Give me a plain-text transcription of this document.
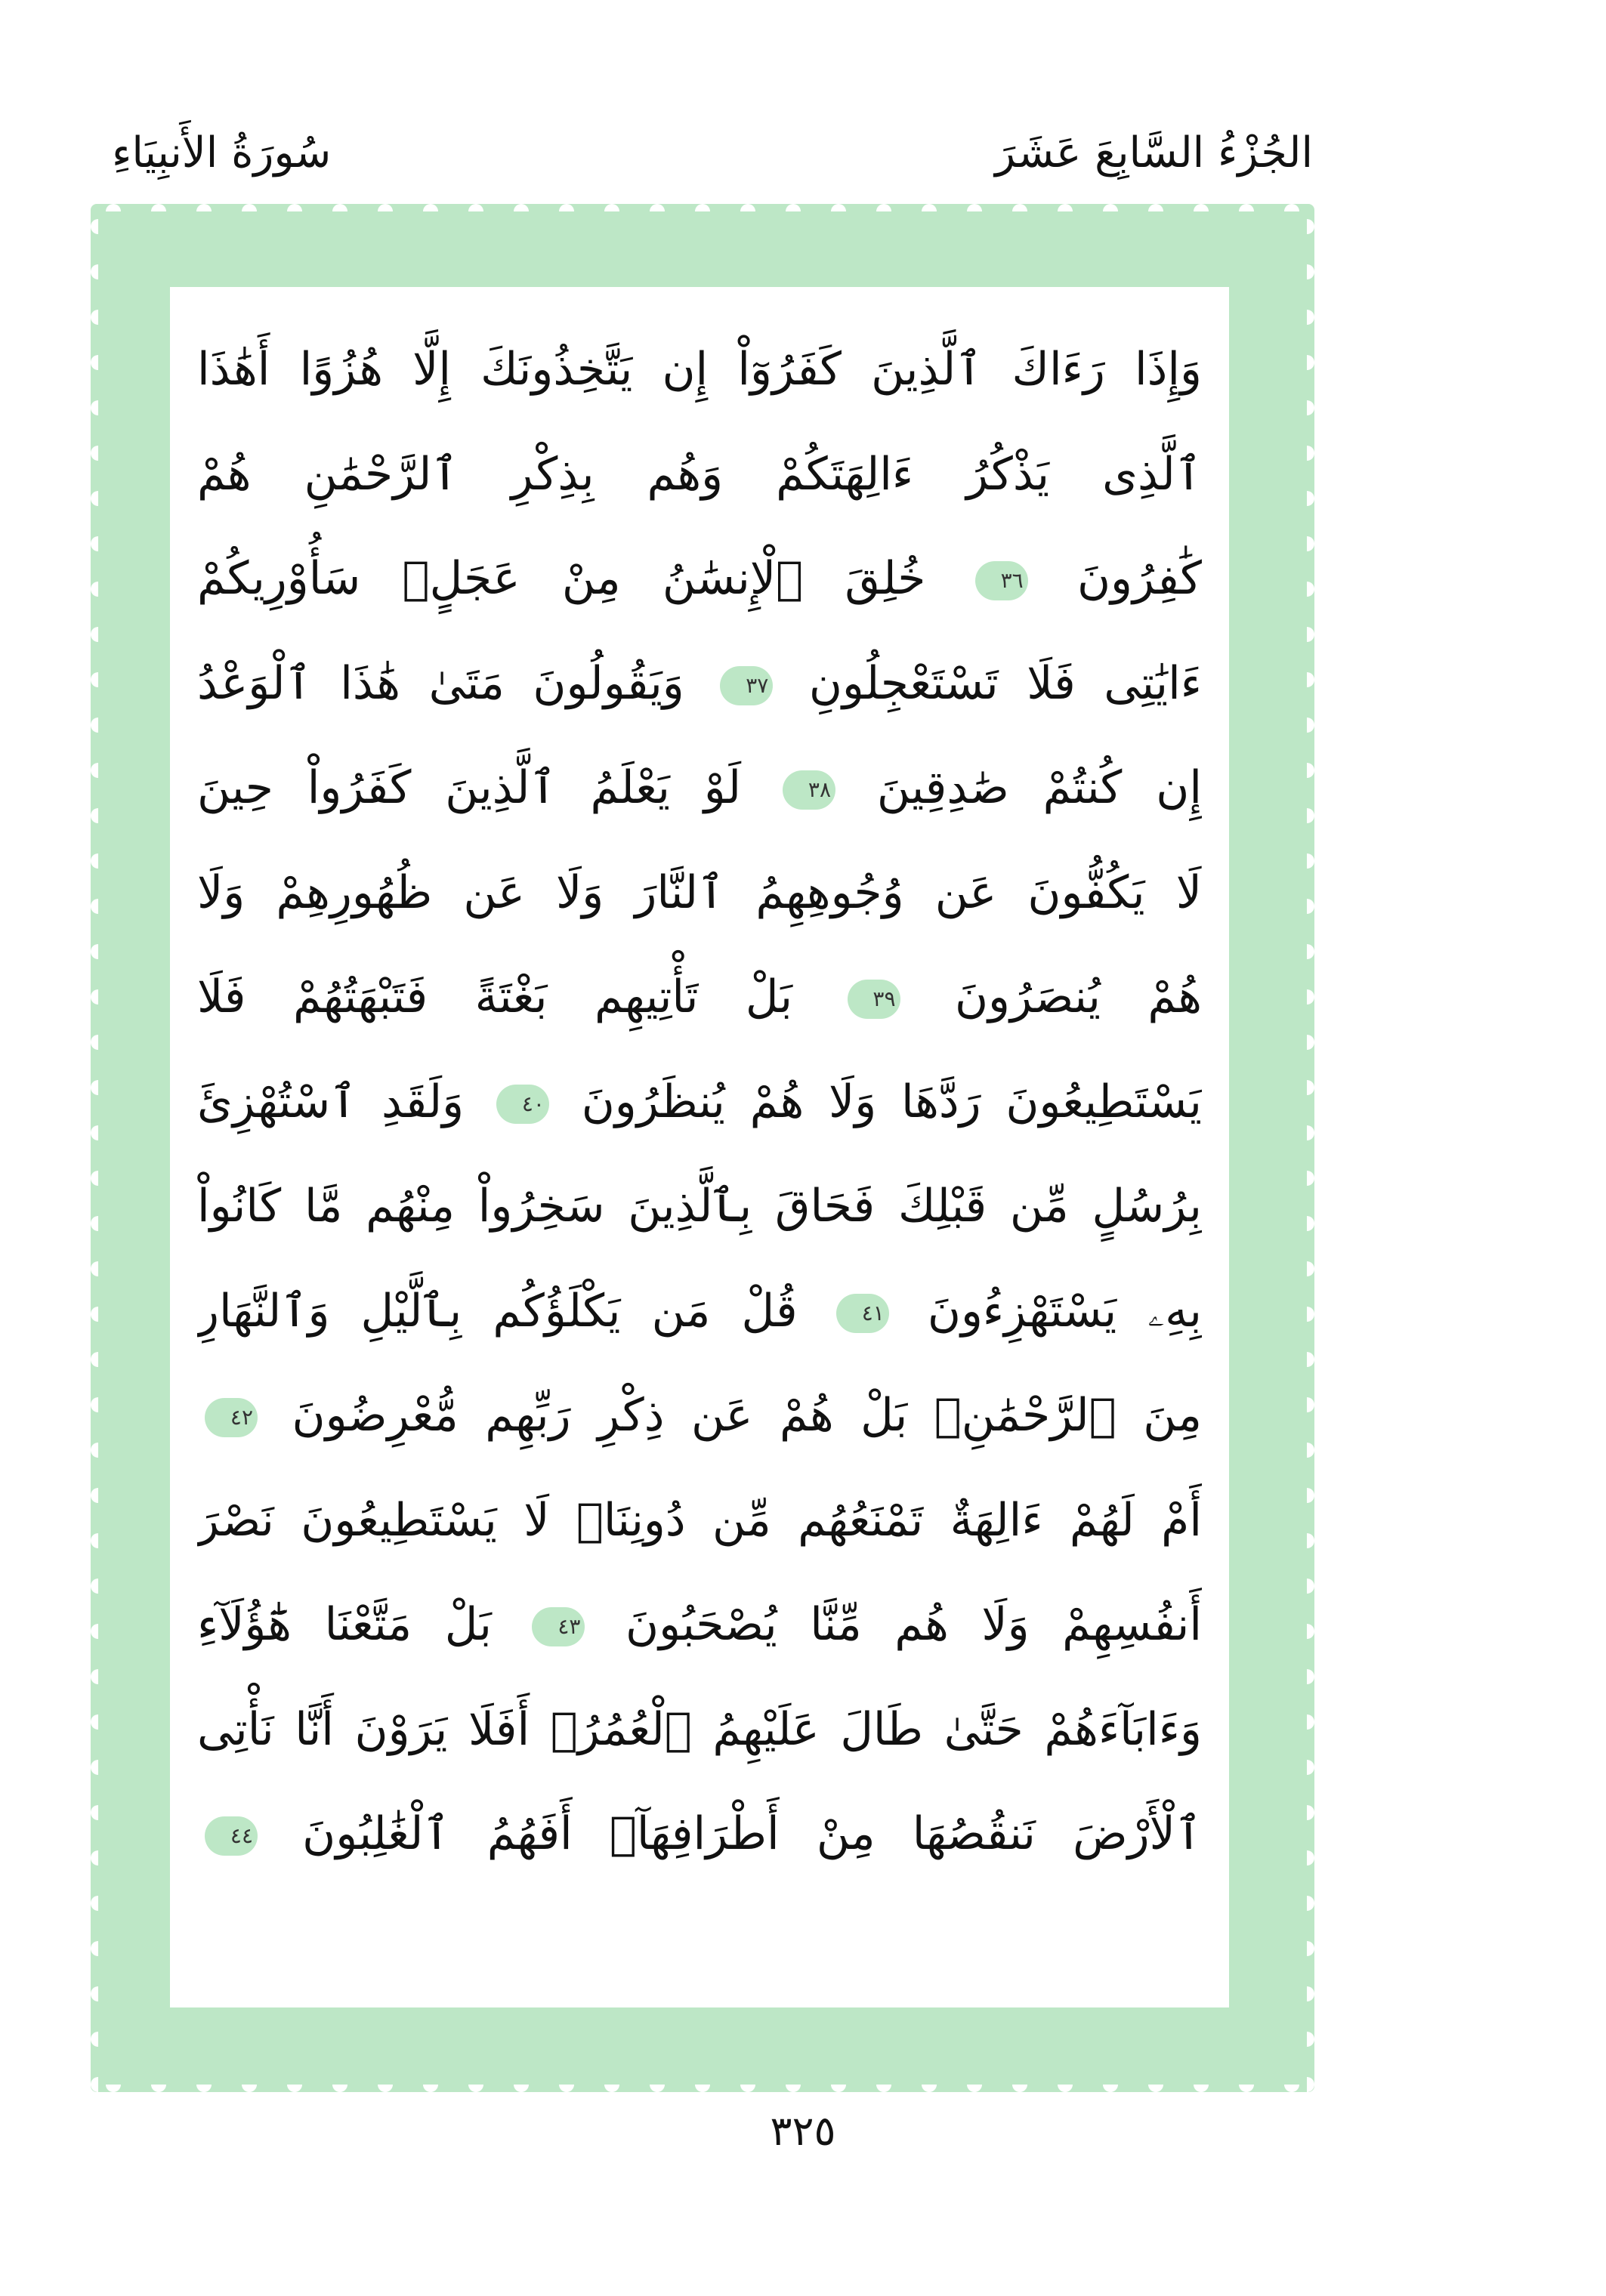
الجُزْءُ السَّابِعَ عَشَرَ
سُورَةُ الأَنبِيَاءِ
وَإِذَا رَءَاكَ ٱلَّذِينَ كَفَرُوٓاْ إِن يَتَّخِذُونَكَ إِلَّا هُزُوًا أَهَٰذَا
ٱلَّذِى يَذْكُرُ ءَالِهَتَكُمْ وَهُم بِذِكْرِ ٱلرَّحْمَٰنِ هُمْ
كَٰفِرُونَ ٣٦ خُلِقَ ٱلْإِنسَٰنُ مِنْ عَجَلٍۚ سَأُوْرِيكُمْ
ءَايَٰتِى فَلَا تَسْتَعْجِلُونِ ٣٧ وَيَقُولُونَ مَتَىٰ هَٰذَا ٱلْوَعْدُ
إِن كُنتُمْ صَٰدِقِينَ ٣٨ لَوْ يَعْلَمُ ٱلَّذِينَ كَفَرُواْ حِينَ
لَا يَكُفُّونَ عَن وُجُوهِهِمُ ٱلنَّارَ وَلَا عَن ظُهُورِهِمْ وَلَا
هُمْ يُنصَرُونَ ٣٩ بَلْ تَأْتِيهِم بَغْتَةً فَتَبْهَتُهُمْ فَلَا
يَسْتَطِيعُونَ رَدَّهَا وَلَا هُمْ يُنظَرُونَ ٤٠ وَلَقَدِ ٱسْتُهْزِئَ
بِرُسُلٍ مِّن قَبْلِكَ فَحَاقَ بِٱلَّذِينَ سَخِرُواْ مِنْهُم مَّا كَانُواْ
بِهِۦ يَسْتَهْزِءُونَ ٤١ قُلْ مَن يَكْلَؤُكُم بِٱلَّيْلِ وَٱلنَّهَارِ
مِنَ ٱلرَّحْمَٰنِۗ بَلْ هُمْ عَن ذِكْرِ رَبِّهِم مُّعْرِضُونَ ٤٢
أَمْ لَهُمْ ءَالِهَةٌ تَمْنَعُهُم مِّن دُونِنَاۚ لَا يَسْتَطِيعُونَ نَصْرَ
أَنفُسِهِمْ وَلَا هُم مِّنَّا يُصْحَبُونَ ٤٣ بَلْ مَتَّعْنَا هَٰٓؤُلَآءِ
وَءَابَآءَهُمْ حَتَّىٰ طَالَ عَلَيْهِمُ ٱلْعُمُرُۗ أَفَلَا يَرَوْنَ أَنَّا نَأْتِى
ٱلْأَرْضَ نَنقُصُهَا مِنْ أَطْرَافِهَآۚ أَفَهُمُ ٱلْغَٰلِبُونَ ٤٤
٣٢٥
